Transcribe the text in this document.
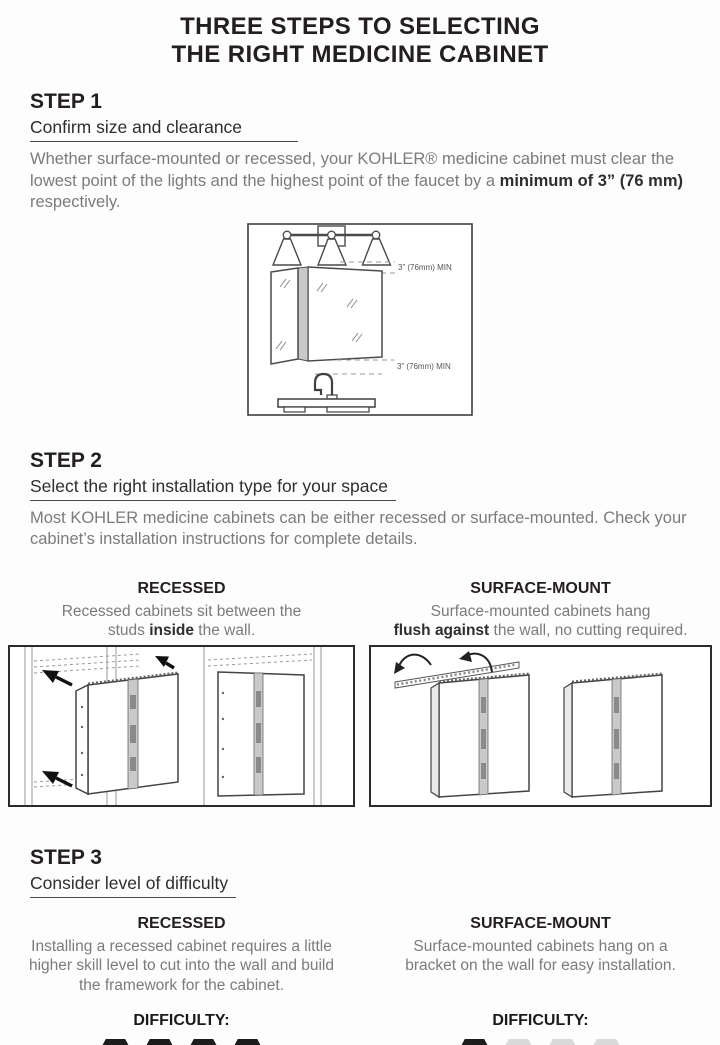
THREE STEPS TO SELECTING
THE RIGHT MEDICINE CABINET
STEP 1
Confirm size and clearance

Whether surface-mounted or recessed, your KOHLER® medicine cabinet must clear the lowest point of the lights and the highest point of the faucet by a minimum of 3” (76 mm) respectively.

3” (76mm) MIN
3” (76mm) MIN
STEP 2
Select the right installation type for your space

Most KOHLER medicine cabinets can be either recessed or surface-mounted. Check your cabinet’s installation instructions for complete details.

RECESSED

Recessed cabinets sit between the
studs inside the wall.

SURFACE-MOUNT

Surface-mounted cabinets hang
flush against the wall, no cutting required.

STEP 3
Consider level of difficulty
RECESSED

Installing a recessed cabinet requires a little
higher skill level to cut into the wall and build
the framework for the cabinet.

DIFFICULTY:
SURFACE-MOUNT

Surface-mounted cabinets hang on a
bracket on the wall for easy installation.

DIFFICULTY:
